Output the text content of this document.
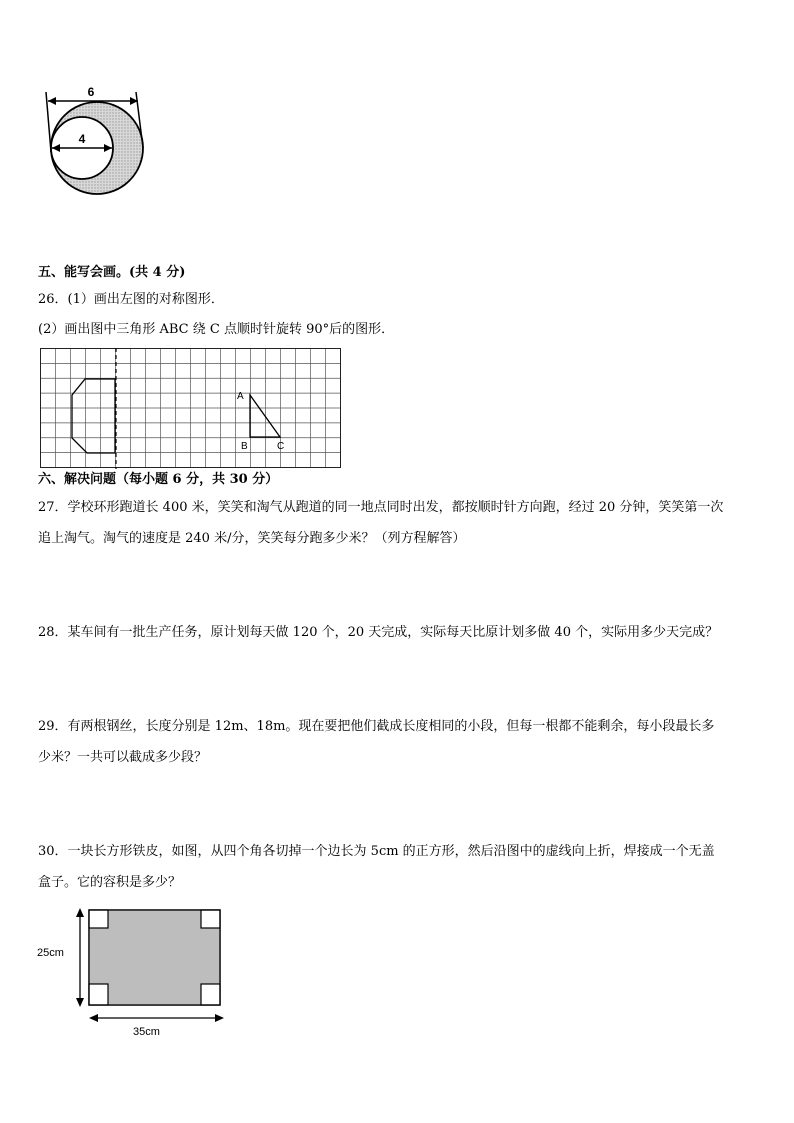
6
4
五、能写会画。(共 4 分)
26．(1）画出左图的对称图形．
(2）画出图中三角形 ABC 绕 C 点顺时针旋转 90°后的图形．
A
B	C
六、解决问题（每小题 6 分，共 30 分）
27．学校环形跑道长 400 米，笑笑和淘气从跑道的同一地点同时出发，都按顺时针方向跑，经过 20 分钟，笑笑第一次
追上淘气。淘气的速度是 240 米/分，笑笑每分跑多少米？（列方程解答）
28．某车间有一批生产任务，原计划每天做 120 个，20 天完成，实际每天比原计划多做 40 个，实际用多少天完成？
29．有两根钢丝，长度分别是 12m、18m。现在要把他们截成长度相同的小段，但每一根都不能剩余，每小段最长多
少米？一共可以截成多少段？
30．一块长方形铁皮，如图，从四个角各切掉一个边长为 5cm 的正方形，然后沿图中的虚线向上折，焊接成一个无盖
盒子。它的容积是多少？
25cm
35cm
